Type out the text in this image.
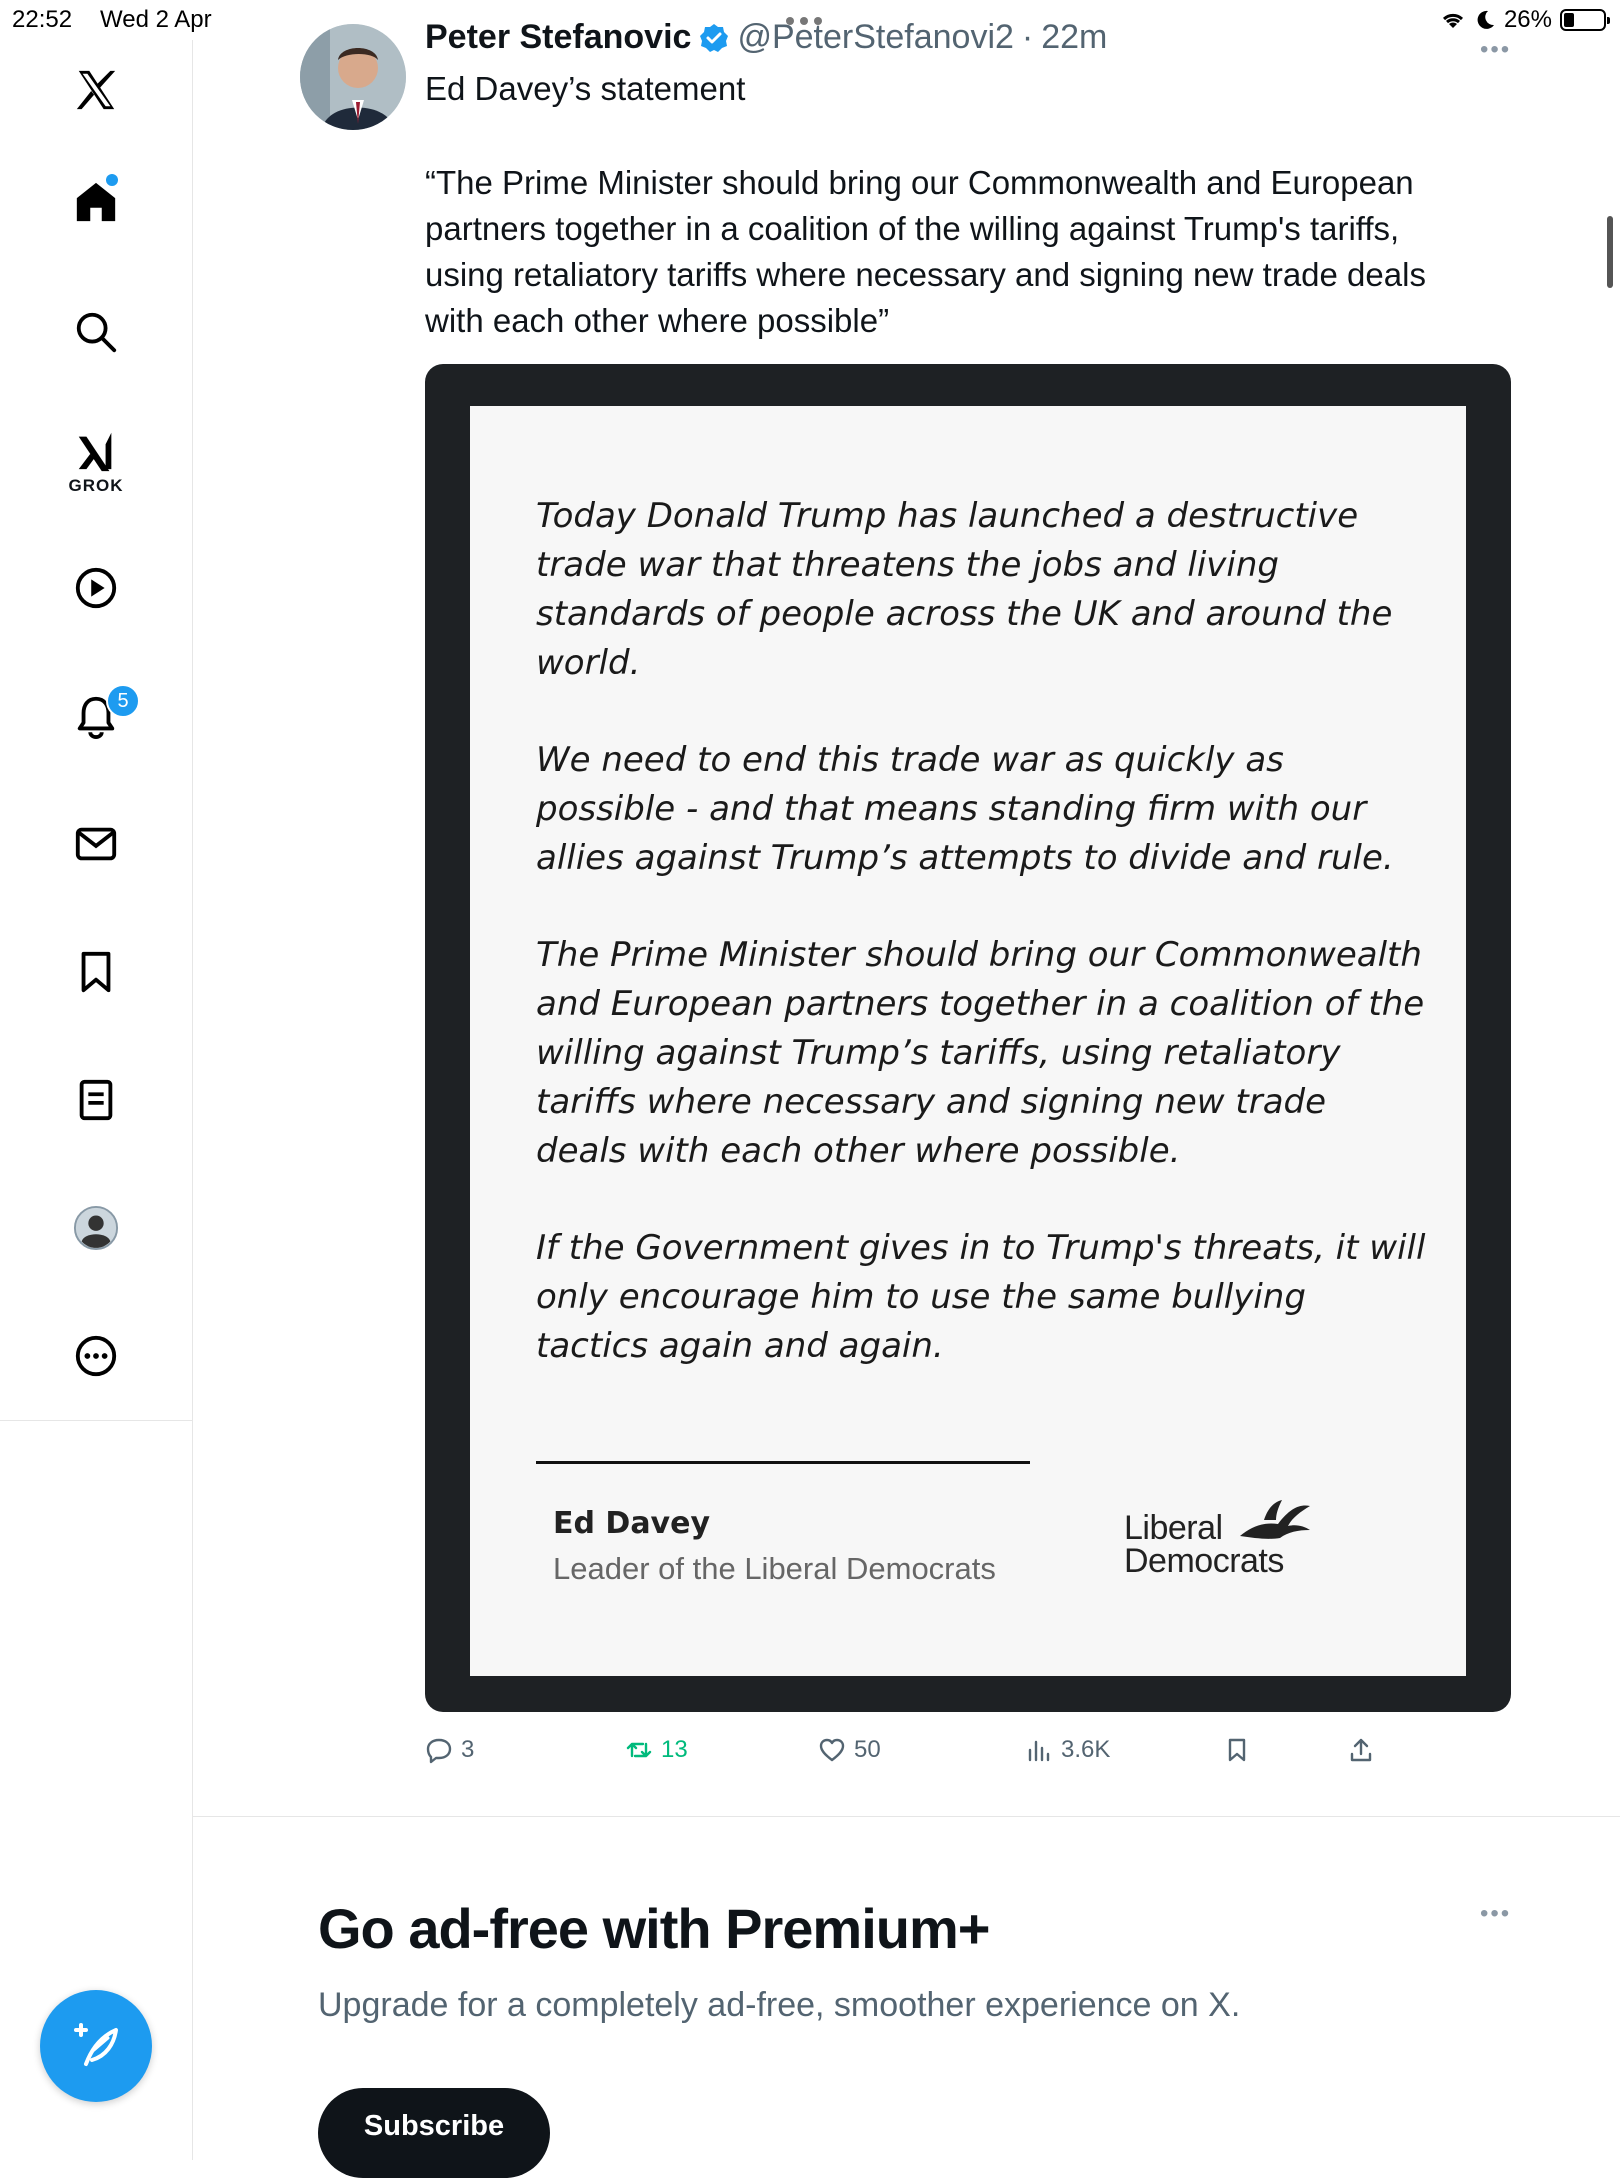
22:52 Wed 2 Apr	26%
GROK
5
Peter Stefanovic @PeterStefanovi2 · 22m	•••
Ed Davey’s statement
“The Prime Minister should bring our Commonwealth and European partners together in a coalition of the willing against Trump's tariffs, using retaliatory tariffs where necessary and signing new trade deals with each other where possible”

Today Donald Trump has launched a destructive trade war that threatens the jobs and living standards of people across the UK and around the world.

We need to end this trade war as quickly as possible - and that means standing firm with our allies against Trump’s attempts to divide and rule.

The Prime Minister should bring our Commonwealth and European partners together in a coalition of the willing against Trump’s tariffs, using retaliatory tariffs where necessary and signing new trade deals with each other where possible.

If the Government gives in to Trump's threats, it will only encourage him to use the same bullying tactics again and again.

Ed Davey
Leader of the Liberal Democrats
Liberal
Democrats
3	13	50	3.6K
•••
Go ad-free with Premium+
Upgrade for a completely ad-free, smoother experience on X.
Subscribe
